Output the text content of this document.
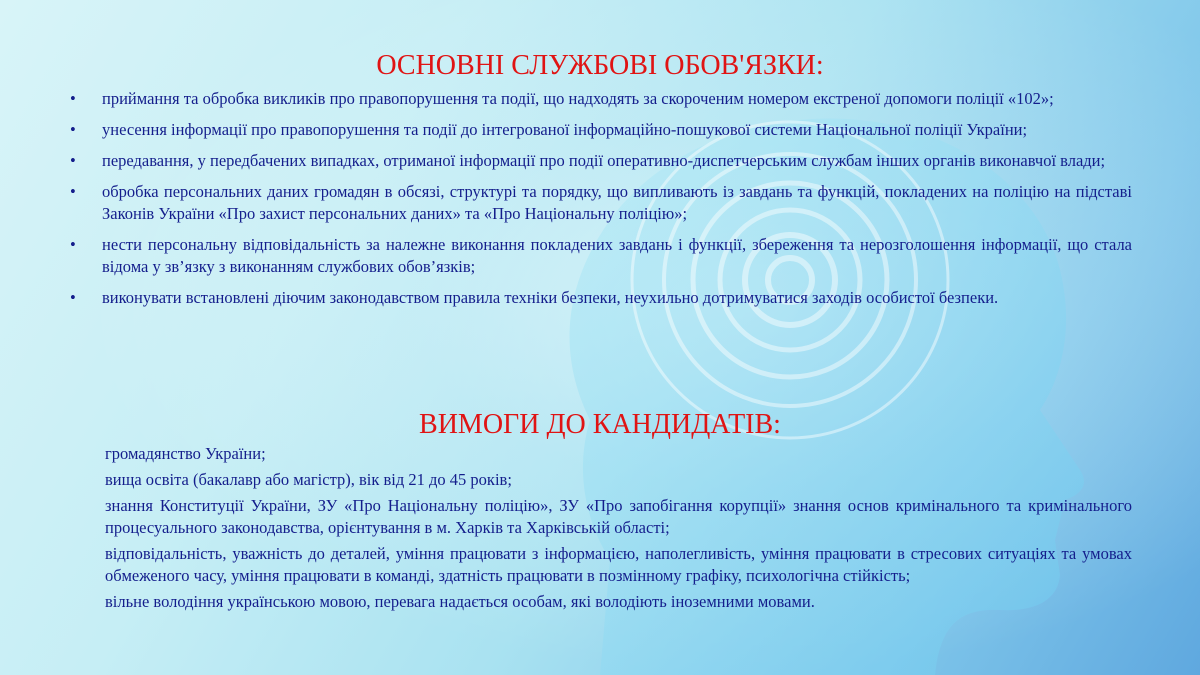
ОСНОВНІ СЛУЖБОВІ ОБОВ'ЯЗКИ:
• приймання та обробка викликів про правопорушення та події, що надходять за скороченим номером екстреної допомоги поліції «102»;
• унесення інформації про правопорушення та події до інтегрованої інформаційно-пошукової системи Національної поліції України;
• передавання, у передбачених випадках, отриманої інформації про події оперативно-диспетчерським службам інших органів виконавчої влади;
• обробка персональних даних громадян в обсязі, структурі та порядку, що випливають із завдань та функцій, покладених на поліцію на підставі Законів України «Про захист персональних даних» та «Про Національну поліцію»;
• нести персональну відповідальність за належне виконання покладених завдань і функції, збереження та нерозголошення інформації, що стала відома у зв’язку з виконанням службових обов’язків;
• виконувати встановлені діючим законодавством правила техніки безпеки, неухильно дотримуватися заходів особистої безпеки.
ВИМОГИ ДО КАНДИДАТІВ:

громадянство України;

вища освіта (бакалавр або магістр), вік від 21 до 45 років;

знання Конституції України, ЗУ «Про Національну поліцію», ЗУ «Про запобігання корупції» знання основ кримінального та кримінального процесуального законодавства, орієнтування в м. Харків та Харківській області;

відповідальність, уважність до деталей, уміння працювати з інформацією, наполегливість, уміння працювати в стресових ситуаціях та умовах обмеженого часу, уміння працювати в команді, здатність працювати в позмінному графіку, психологічна стійкість;

вільне володіння українською мовою, перевага надається особам, які володіють іноземними мовами.
